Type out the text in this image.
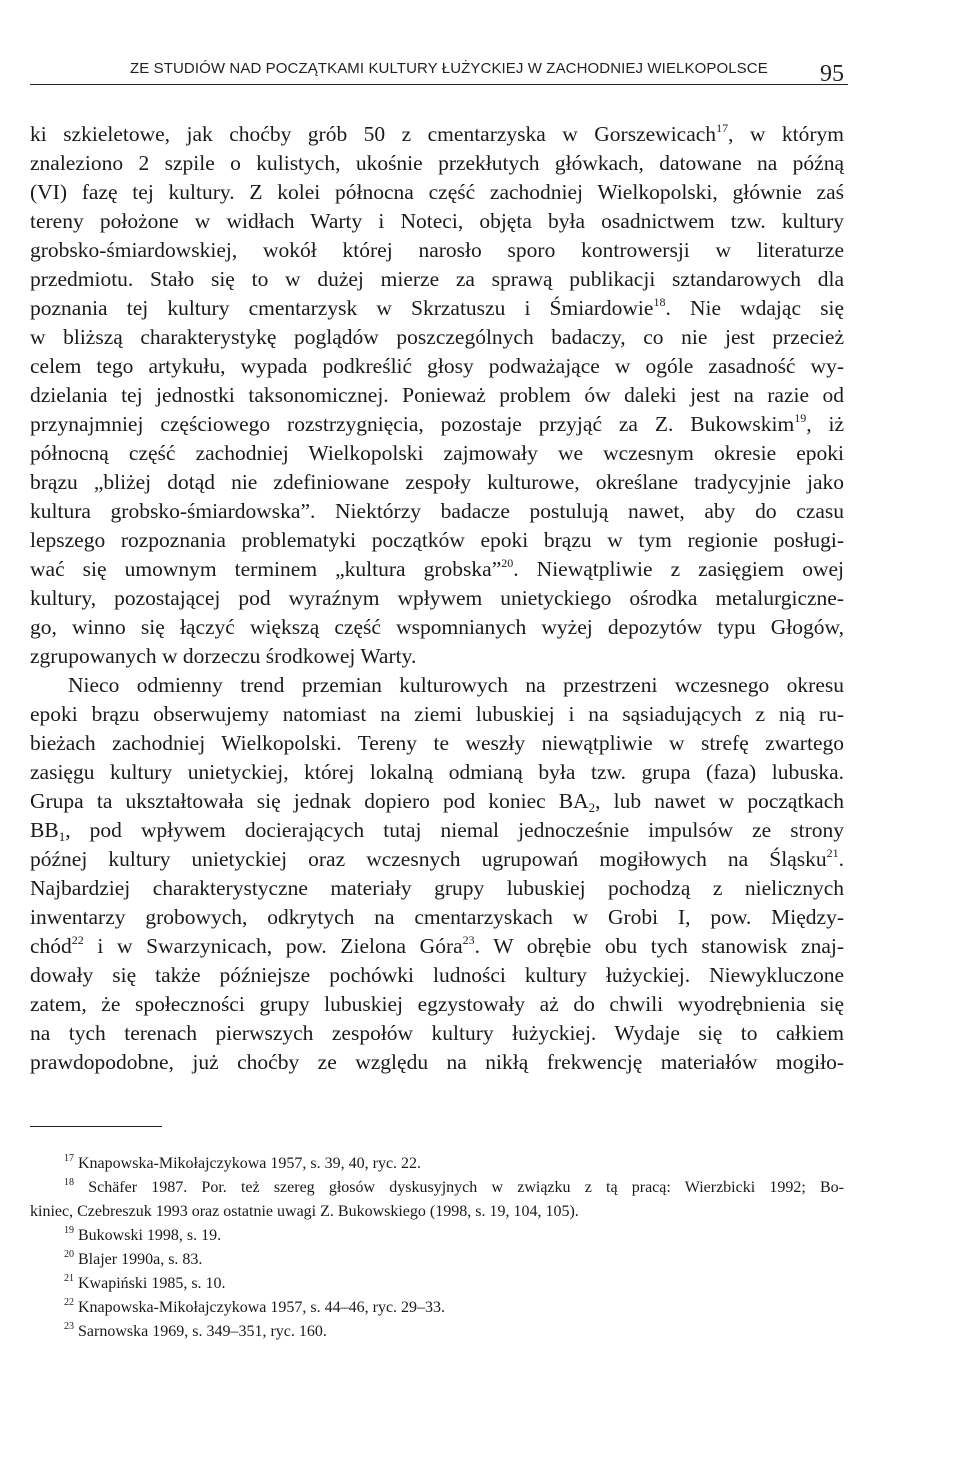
ZE STUDIÓW NAD POCZĄTKAMI KULTURY ŁUŻYCKIEJ W ZACHODNIEJ WIELKOPOLSCE 95
ki szkieletowe, jak choćby grób 50 z cmentarzyska w Gorszewicach$^{17}$, w którym
znaleziono 2 szpile o kulistych, ukośnie przekłutych główkach, datowane na późną
(VI) fazę tej kultury. Z kolei północna część zachodniej Wielkopolski, głównie zaś
tereny położone w widłach Warty i Noteci, objęta była osadnictwem tzw. kultury
grobsko-śmiardowskiej, wokół której narosło sporo kontrowersji w literaturze
przedmiotu. Stało się to w dużej mierze za sprawą publikacji sztandarowych dla
poznania tej kultury cmentarzysk w Skrzatuszu i Śmiardowie$^{18}$. Nie wdając się
w bliższą charakterystykę poglądów poszczególnych badaczy, co nie jest przecież
celem tego artykułu, wypada podkreślić głosy podważające w ogóle zasadność wy-
dzielania tej jednostki taksonomicznej. Ponieważ problem ów daleki jest na razie od
przynajmniej częściowego rozstrzygnięcia, pozostaje przyjąć za Z. Bukowskim$^{19}$, iż
północną część zachodniej Wielkopolski zajmowały we wczesnym okresie epoki
brązu „bliżej dotąd nie zdefiniowane zespoły kulturowe, określane tradycyjnie jako
kultura grobsko-śmiardowska”. Niektórzy badacze postulują nawet, aby do czasu
lepszego rozpoznania problematyki początków epoki brązu w tym regionie posługi-
wać się umownym terminem „kultura grobska”$^{20}$. Niewątpliwie z zasięgiem owej
kultury, pozostającej pod wyraźnym wpływem unietyckiego ośrodka metalurgiczne-
go, winno się łączyć większą część wspomnianych wyżej depozytów typu Głogów,
zgrupowanych w dorzeczu środkowej Warty.
Nieco odmienny trend przemian kulturowych na przestrzeni wczesnego okresu
epoki brązu obserwujemy natomiast na ziemi lubuskiej i na sąsiadujących z nią ru-
bieżach zachodniej Wielkopolski. Tereny te weszły niewątpliwie w strefę zwartego
zasięgu kultury unietyckiej, której lokalną odmianą była tzw. grupa (faza) lubuska.
Grupa ta ukształtowała się jednak dopiero pod koniec $BA_2$, lub nawet w początkach
$BB_1$, pod wpływem docierających tutaj niemal jednocześnie impulsów ze strony
późnej kultury unietyckiej oraz wczesnych ugrupowań mogiłowych na Śląsku$^{21}$.
Najbardziej charakterystyczne materiały grupy lubuskiej pochodzą z nielicznych
inwentarzy grobowych, odkrytych na cmentarzyskach w Grobi I, pow. Między-
chód$^{22}$ i w Swarzynicach, pow. Zielona Góra$^{23}$. W obrębie obu tych stanowisk znaj-
dowały się także późniejsze pochówki ludności kultury łużyckiej. Niewykluczone
zatem, że społeczności grupy lubuskiej egzystowały aż do chwili wyodrębnienia się
na tych terenach pierwszych zespołów kultury łużyckiej. Wydaje się to całkiem
prawdopodobne, już choćby ze względu na nikłą frekwencję materiałów mogiło-
$^{17}$ Knapowska-Mikołajczykowa 1957, s. 39, 40, ryc. 22.
$^{18}$ Schäfer 1987. Por. też szereg głosów dyskusyjnych w związku z tą pracą: Wierzbicki 1992; Bo-
kiniec, Czebreszuk 1993 oraz ostatnie uwagi Z. Bukowskiego (1998, s. 19, 104, 105).
$^{19}$ Bukowski 1998, s. 19.
$^{20}$ Blajer 1990a, s. 83.
$^{21}$ Kwapiński 1985, s. 10.
$^{22}$ Knapowska-Mikołajczykowa 1957, s. 44–46, ryc. 29–33.
$^{23}$ Sarnowska 1969, s. 349–351, ryc. 160.
